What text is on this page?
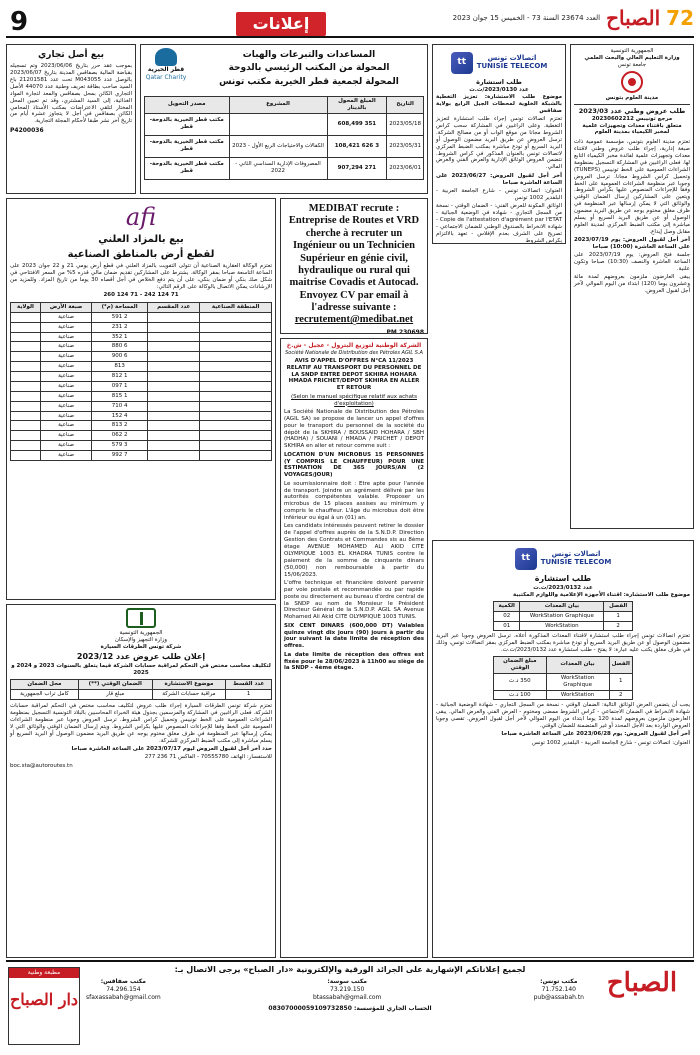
9	إعلانات	72
الصباح
العدد 23674 السنة 73 - الخميس 15 جوان 2023
الجمهورية التونسية
وزارة التعليم العالي والبحث العلمي
جامعة تونس
مدينة العلوم بتونس
طلب عروض وطني عدد 2023/03
مرجع تونيبس 20230602212
متعلق باقتناء معدات وتجهيزات علمية لمخبر الكيمياء بمدينة العلوم

تعتزم مدينة العلوم بتونس، مؤسسة عمومية ذات صبغة إدارية، إجراء طلب عروض وطني لاقتناء معدات وتجهيزات علمية لفائدة مخبر الكيمياء التابع لها. فعلى الراغبين في المشاركة التسجيل بمنظومة الشراءات العمومية على الخط تونيبس (TUNEPS) وتحميل كراس الشروط مجانا. ترسل العروض وجوبا عبر منظومة الشراءات العمومية على الخط وفقا للإجراءات المنصوص عليها بكراس الشروط. ويتعين على المشاركين إرسال الضمان الوقتي والوثائق التي لا يمكن إرسالها عبر المنظومة في ظرف مغلق مختوم يوجه عن طريق البريد مضمون الوصول أو عن طريق البريد السريع أو يسلم مباشرة إلى مكتب الضبط المركزي لمدينة العلوم مقابل وصل إيداع.

آخر أجل لقبول العروض: يوم 2023/07/19 على الساعة العاشرة (10:00) صباحا

جلسة فتح العروض: يوم 2023/07/19 على الساعة العاشرة والنصف (10:30) صباحا وتكون علنية.

يبقى العارضون ملزمون بعروضهم لمدة مائة وعشرون يوما (120) ابتداء من اليوم الموالي لآخر أجل لقبول العروض.

اتصالات تونس
TUNISIE TELECOM
tt
طلب استشارة
عدد 2023/0130/ت.ت

موضوع طلب الاستشارة: تعزيز التغطية بالشبكة الخلوية لمحطات الجيل الرابع بولاية صفاقس

تعتزم اتصالات تونس إجراء طلب استشارة لتعزيز التغطية. وعلى الراغبين في المشاركة سحب كراس الشروط مجانا من موقع الواب أو من مصالح الشركة. ترسل العروض عن طريق البريد مضمون الوصول أو البريد السريع أو تودع مباشرة بمكتب الضبط المركزي لاتصالات تونس بالعنوان المذكور في كراس الشروط. تتضمن العروض الوثائق الإدارية والعرض الفني والعرض المالي.

آخر أجل لقبول العروض: 2023/06/27 على الساعة العاشرة صباحا

العنوان: اتصالات تونس - شارع الجامعة العربية - البلفدير 1002 تونس

الوثائق المكونة للعرض الفني: - الضمان الوقتي - نسخة من السجل التجاري - شهادة في الوضعية الجبائية - Copie de l'attestation d'agrément par l'ETAT - شهادة الانخراط بالصندوق الوطني للضمان الاجتماعي - تصريح على الشرف بعدم الإفلاس - تعهد بالالتزام بكراس الشروط

قطر الخيرية
Qatar Charity
المساعدات والتبرعات والهبات
المحولة من المكتب الرئيسي بالدوحة
المحولة لجمعية قطر الخيرية مكتب تونس
التاريخ	المبلغ المحول بالدينار	المشروع	مصدر التحويل
2023/05/18	351 608,499		مكتب قطر الخيرية بالدوحة-قطر
2023/05/31	3 626 108,421	الكفالات والاحتياجات الربع الأول - 2023	مكتب قطر الخيرية بالدوحة-قطر
2023/06/01	271 907,294	المصروفات الإدارية السداسي الثاني - 2022	مكتب قطر الخيرية بالدوحة-قطر
بيع أصل تجاري

بموجب عقد حرر بتاريخ 2023/06/06 وتم تسجيله بقباضة المالية بصفاقس المدينة بتاريخ 2023/06/07 بالوصل عدد M043055 تحت عدد 21201581 باع السيد صاحب بطاقة تعريف وطنية عدد 44070 الأصل التجاري الكائن بمحل بصفاقس والمعد لتجارة المواد الغذائية، إلى السيد المشتري، وقد تم تعيين المحل المختار لتلقي الاعتراضات بمكتب الأستاذ المحامي الكائن بصفاقس في أجل لا يتجاوز عشرة أيام من تاريخ آخر نشر طبقا لأحكام المجلة التجارية.

P4200036
MEDIBAT recrute :
Entreprise de Routes et VRD cherche à recruter un Ingénieur ou un Technicien Supérieur en génie civil, hydraulique ou rural qui maitrise Covadis et Autocad.
Envoyez CV par email à l'adresse suivante :
recrutement@medibat.net
PM 230698
afi
بيع بالمزاد العلني
لقطع أرض بالمناطق الصناعية

تعتزم الوكالة العقارية الصناعية أن تتولى التفويت بالمزاد العلني في قطع أرض يومي 21 و 22 جوان 2023 على الساعة التاسعة صباحا بمقر الوكالة. يشترط على المشاركين تقديم ضمان مالي قدره 5% من السعر الافتتاحي في شكل صك بنكي أو ضمان بنكي، على أن يتم دفع الخلاص في أجل أقصاه 30 يوما من تاريخ المزاد. وللمزيد من الإرشادات يمكن الاتصال بالوكالة على الرقم التالي:

71 124 242 - 71 124 260
المنطقة الصناعية	عدد المقسم	المساحة (م²)	صبغة الأرض	الولاية
		2 591	صناعية	
		2 231	صناعية	
		1 352	صناعية	
		6 880	صناعية	
		6 900	صناعية	
		813	صناعية	
		1 812	صناعية	
		1 097	صناعية	
		1 815	صناعية	
		4 710	صناعية	
		4 152	صناعية	
		2 813	صناعية	
		2 062	صناعية	
		3 579	صناعية	
		7 992	صناعية	
الشركة الوطنية لتوزيع البترول - عجيل - ش.خ
Société Nationale de Distribution des Pétroles AGIL S.A

AVIS D'APPEL D'OFFRES N°CA 11/2023 RELATIF AU TRANSPORT DU PERSONNEL DE LA SNDP ENTRE DEPOT SKHIRA HOHARA HMADA FRICHET/DEPOT SKHIRA EN ALLER ET RETOUR

(Selon le manuel spécifique relatif aux achats d'exploitation)

La Société Nationale de Distribution des Pétroles (AGIL SA) se propose de lancer un appel d'offres pour le transport du personnel de la société du dépôt de la SKHIRA / BOUSSAID HOHARA / SBH (HADHA) / SOUANI / HMADA / FRICHET / DEPOT SKHIRA en aller et retour comme suit :

LOCATION D'UN MICROBUS 15 PERSONNES (Y COMPRIS LE CHAUFFEUR) POUR UNE ESTIMATION DE 365 JOURS/AN (2 VOYAGES/JOUR)

Le soumissionnaire doit : Etre apte pour l'année de transport. Joindre un agrément délivré par les autorités compétentes valable. Proposer un microbus de 15 places assises au minimum y compris le chauffeur. L'âge du microbus doit être inférieur ou égal à un (01) an.

Les candidats intéressés peuvent retirer le dossier de l'appel d'offres auprès de la S.N.D.P. Direction Gestion des Contrats et Commandes sis au 8ème étage AVENUE MOHAMED ALI AKID CITE OLYMPIQUE 1003 EL KHADRA TUNIS contre le paiement de la somme de cinquante dinars (50,000) non remboursable à partir du 15/06/2023.

L'offre technique et financière doivent parvenir par voie postale et recommandée ou par rapide poste ou directement au bureau d'ordre central de la SNDP au nom de Monsieur le Président Directeur Général de la S.N.D.P. AGIL SA Avenue Mohamed Ali Akid CITE OLYMPIQUE 1003 TUNIS.

SIX CENT DINARS (600,000 DT) Valables quinze vingt dix jours (90) jours à partir du jour suivant la date limite de réception des offres.

La date limite de réception des offres est fixée pour le 28/06/2023 à 11h00 au siège de la SNDP - 4ème étage.

اتصالات تونس
TUNISIE TELECOM
tt
طلب استشارة
عدد 2023/0132/ت.ت

موضوع طلب الاستشارة: اقتناء الأجهزة الإعلامية واللوازم المكتبية

الفصل	بيان المعدات	الكمية
1	WorkStation Graphique	02
2	WorkStation	01

تعتزم اتصالات تونس إجراء طلب استشارة لاقتناء المعدات المذكورة أعلاه. ترسل العروض وجوبا عبر البريد مضمون الوصول أو عن طريق البريد السريع أو تودع مباشرة بمكتب الضبط المركزي بمقر اتصالات تونس، وذلك في ظرف مغلق يكتب عليه عبارة: لا يفتح - طلب استشارة عدد 2023/0132/ت.ت.

الفصل	بيان المعدات	مبلغ الضمان الوقتي
1	WorkStation Graphique	350 د.ت
2	WorkStation	100 د.ت

يجب أن يتضمن العرض الوثائق التالية: الضمان الوقتي - نسخة من السجل التجاري - شهادة الوضعية الجبائية - شهادة الانخراط في الضمان الاجتماعي - كراس الشروط ممضى ومختوم - العرض الفني والعرض المالي. يبقى العارضون ملزمون بعروضهم لمدة 120 يوما ابتداء من اليوم الموالي لآخر أجل لقبول العروض. تقصى وجوبا العروض الواردة بعد الأجل المحدد أو غير المتضمنة للضمان الوقتي.

آخر أجل لقبول العروض: يوم 2023/06/28 على الساعة العاشرة صباحا

العنوان: اتصالات تونس - شارع الجامعة العربية - البلفدير 1002 تونس

الجمهورية التونسية
وزارة التجهيز والإسكان
شركة تونس الطرقات السيارة
إعلان طلب عروض عدد 2023/12
لتكليف محاسب مختص في التحكم لمراقبة حسابات الشركة فيما يتعلق بالسنوات 2023 و 2024 و 2025
عدد القسط	موضوع الاستشارة	الضمان الوقتي (**)	محل الضمان
1	مراقبة حسابات الشركة	مبلغ قار	كامل تراب الجمهورية

تعتزم شركة تونس الطرقات السيارة إجراء طلب عروض لتكليف محاسب مختص في التحكم لمراقبة حسابات الشركة. فعلى الراغبين في المشاركة والمرسمين بجدول هيئة الخبراء المحاسبين بالبلاد التونسية التسجيل بمنظومة الشراءات العمومية على الخط تونيبس وتحميل كراس الشروط. ترسل العروض وجوبا عبر منظومة الشراءات العمومية على الخط وفقا للإجراءات المنصوص عليها بكراس الشروط. ويتم إرسال الضمان الوقتي والوثائق التي لا يمكن إرسالها عبر المنظومة في ظرف مغلق مختوم يوجه عن طريق البريد مضمون الوصول أو البريد السريع أو يسلم مباشرة إلى مكتب الضبط المركزي للشركة.

حدد آخر أجل لقبول العروض ليوم 2023/07/17 على الساعة العاشرة صباحا

للاستفسار: الهاتف 70555780 - الفاكس 71 236 277

boc.sta@autoroutes.tn

مطبعة وطنية
دار الصباح
الصباح
لجميع إعلاناتكم الإشهارية على الجرائد الورقية والإلكترونية «دار الصباح» يرجى الاتصال بـ:
مكتب تونس:
71.752.140
pub@assabah.tn
مكتب سوسة:
73.219.150
btassabah@gmail.com
مكتب صفاقس:
74.296.154
sfaxassabah@gmail.com
الحساب الجاري للمؤسسة: 08307000059109732850
